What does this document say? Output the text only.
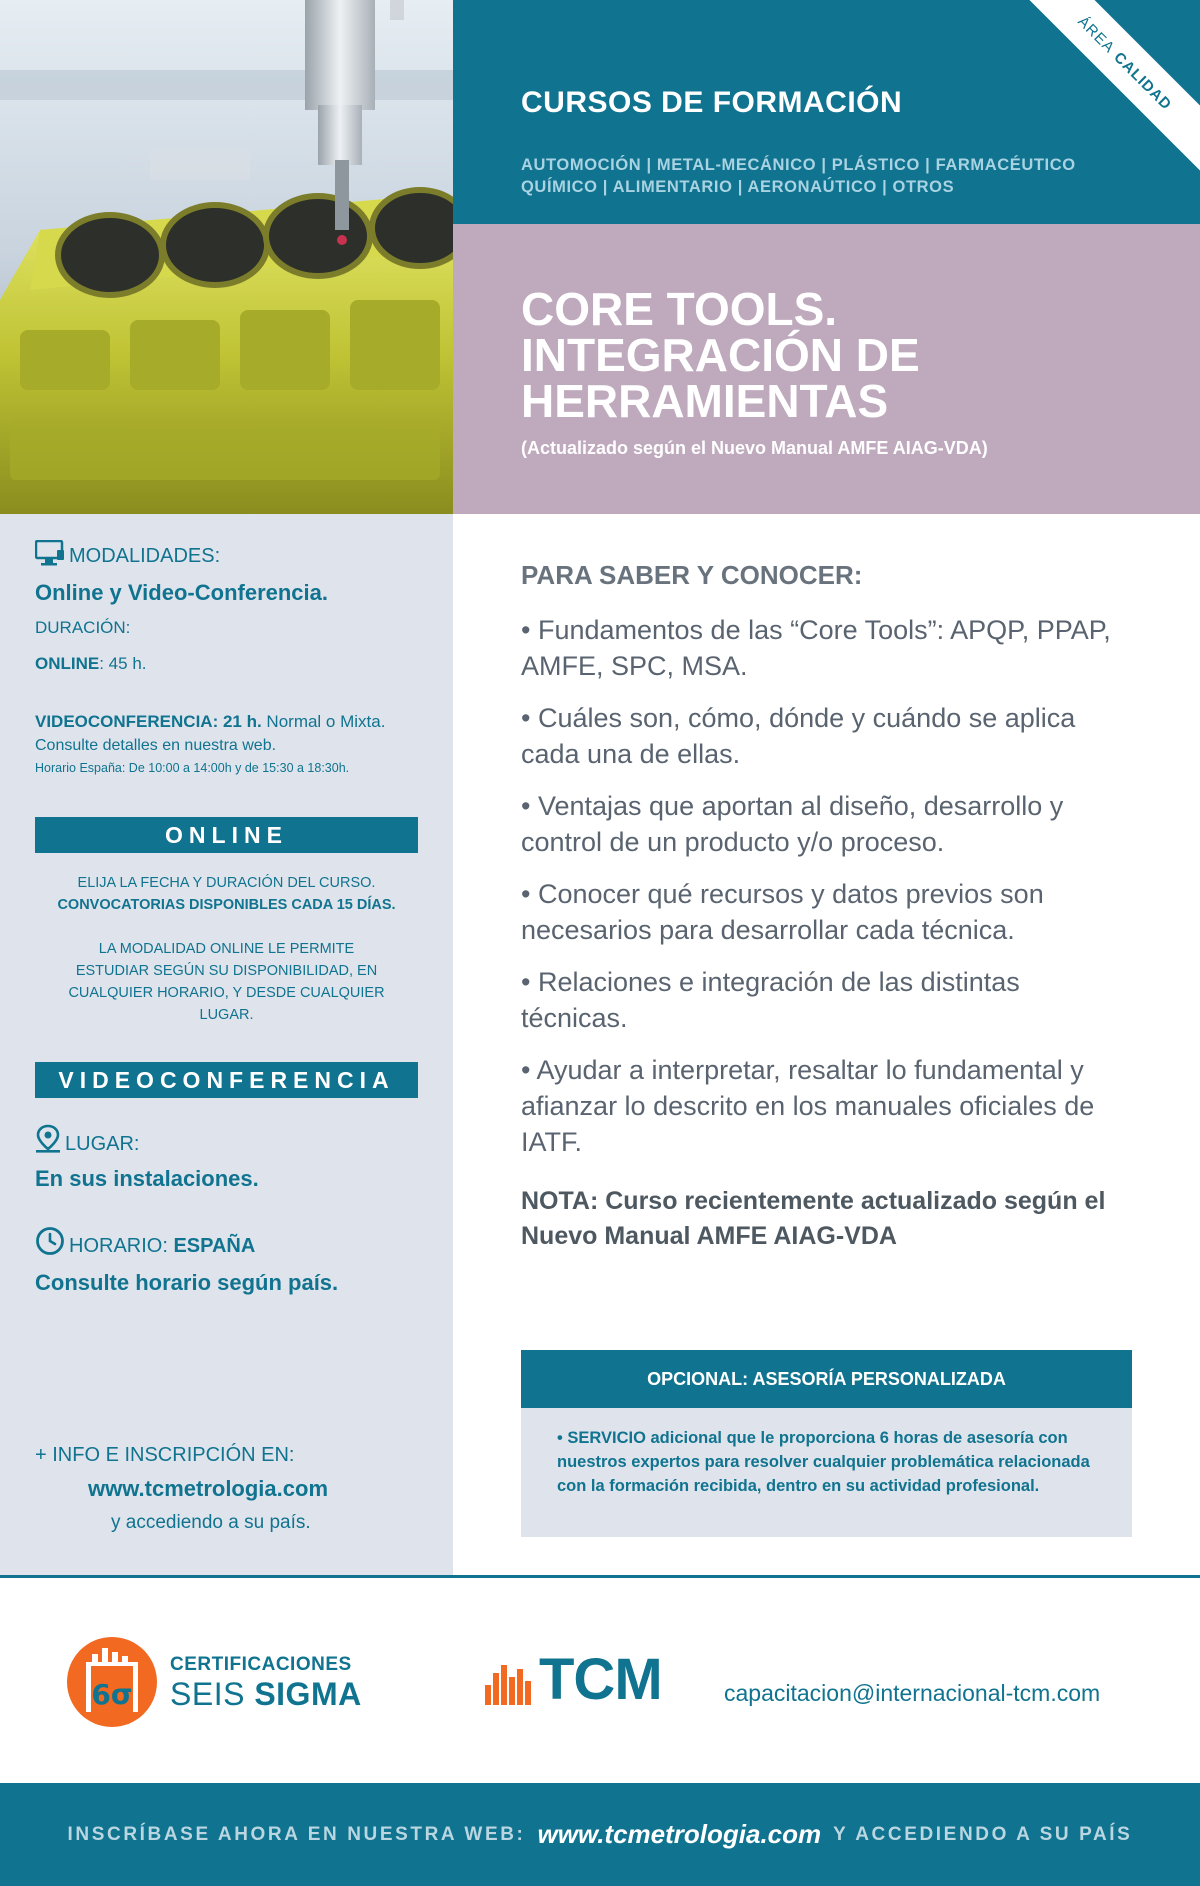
CURSOS DE FORMACIÓN
AUTOMOCIÓN | METAL-MECÁNICO | PLÁSTICO | FARMACÉUTICO
QUÍMICO | ALIMENTARIO | AERONAÚTICO | OTROS
ÁREA
CALIDAD
CORE TOOLS.
INTEGRACIÓN DE
HERRAMIENTAS
(Actualizado según el Nuevo Manual AMFE AIAG-VDA)
MODALIDADES:
Online y Video-Conferencia.
DURACIÓN:
ONLINE: 45 h.
VIDEOCONFERENCIA: 21 h. Normal o Mixta.
Consulte detalles en nuestra web.
Horario España: De 10:00 a 14:00h y de 15:30 a 18:30h.
ONLINE
ELIJA LA FECHA Y DURACIÓN DEL CURSO.
CONVOCATORIAS DISPONIBLES CADA 15 DÍAS.
LA MODALIDAD ONLINE LE PERMITE
ESTUDIAR SEGÚN SU DISPONIBILIDAD, EN
CUALQUIER HORARIO, Y DESDE CUALQUIER
LUGAR.
VIDEOCONFERENCIA
LUGAR:
En sus instalaciones.
HORARIO: ESPAÑA
Consulte horario según país.
+ INFO E INSCRIPCIÓN EN:
www.tcmetrologia.com
y accediendo a su país.
PARA SABER Y CONOCER:
• Fundamentos de las “Core Tools”: APQP, PPAP, AMFE, SPC, MSA.
• Cuáles son, cómo, dónde y cuándo se aplica cada una de ellas.
• Ventajas que aportan al diseño, desarrollo y control de un producto y/o proceso.
• Conocer qué recursos y datos previos son necesarios para desarrollar cada técnica.
• Relaciones e integración de las distintas técnicas.
• Ayudar a interpretar, resaltar lo fundamental y afianzar lo descrito en los manuales oficiales de IATF.
NOTA: Curso recientemente actualizado según el Nuevo Manual AMFE AIAG-VDA
OPCIONAL: ASESORÍA PERSONALIZADA
• SERVICIO adicional que le proporciona 6 horas de asesoría con nuestros expertos para resolver cualquier problemática relacionada con la formación recibida, dentro en su actividad profesional.
6σ
CERTIFICACIONES
SEIS SIGMA	TCM	capacitacion@internacional-tcm.com
INSCRÍBASE AHORA EN NUESTRA WEB: www.tcmetrologia.com Y ACCEDIENDO A SU PAÍS
